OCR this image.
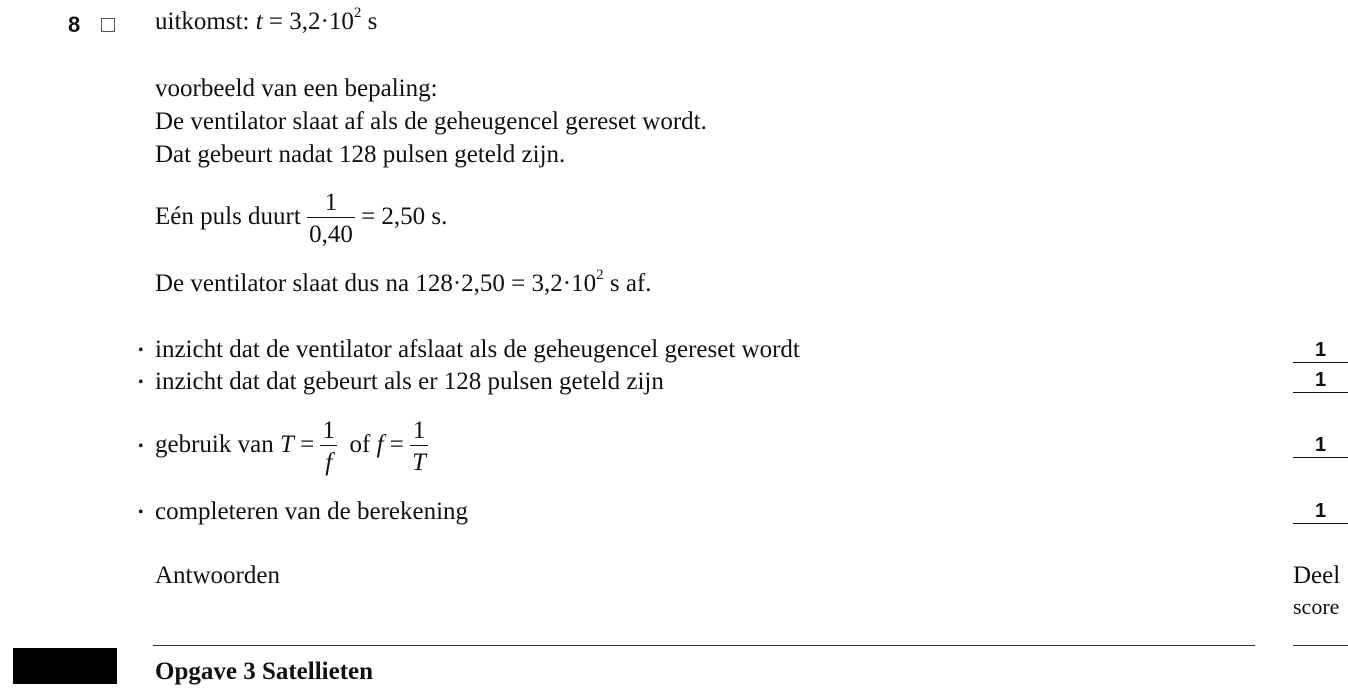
8	uitkomst: $t = 3,2\cdot 10^2$ s
voorbeeld van een bepaling:
De ventilator slaat af als de geheugencel gereset wordt.
Dat gebeurt nadat 128 pulsen geteld zijn.
Eén puls duurt $\frac{1}{0,40} = 2,50$ s.
De ventilator slaat dus na $128\cdot 2,50 = 3,2\cdot 10^2$ s af.
• inzicht dat de ventilator afslaat als de geheugencel gereset wordt	1
• inzicht dat dat gebeurt als er 128 pulsen geteld zijn	1
• gebruik van $T = \frac{1}{f}$ of $f = \frac{1}{T}$	1
• completeren van de berekening	1
Antwoorden	Deel
score
Opgave 3 Satellieten
